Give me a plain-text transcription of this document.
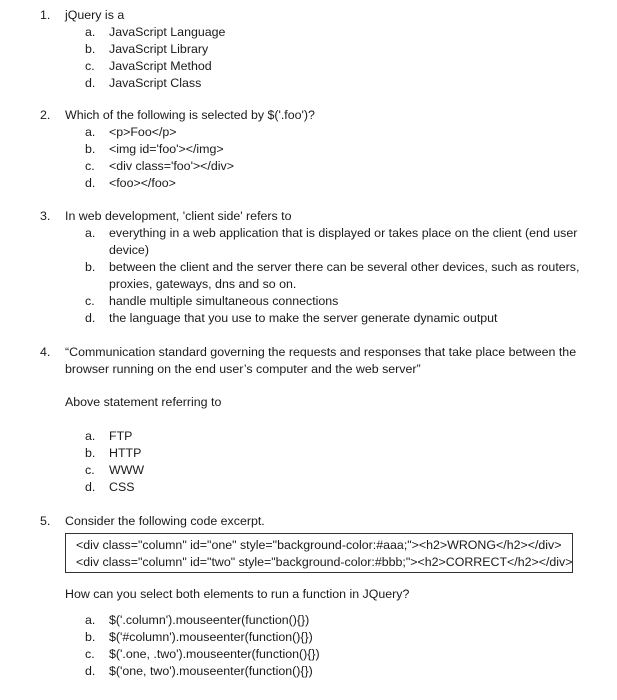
1. jQuery is a
a.	JavaScript Language
b.	JavaScript Library
c.	JavaScript Method
d.	JavaScript Class
2. Which of the following is selected by $('.foo')?
a.	<p>Foo</p>
b.	<img id='foo'></img>
c.	<div class='foo'></div>
d.	<foo></foo>
3. In web development, 'client side' refers to
a.	everything in a web application that is displayed or takes place on the client (end user device)
b.	between the client and the server there can be several other devices, such as routers, proxies, gateways, dns and so on.
c.	handle multiple simultaneous connections
d.	the language that you use to make the server generate dynamic output
4. “Communication standard governing the requests and responses that take place between the browser running on the end user’s computer and the web server”
Above statement referring to
a.	FTP
b.	HTTP
c.	WWW
d.	CSS
5. Consider the following code excerpt.
<div class="column" id="one" style="background-color:#aaa;"><h2>WRONG</h2></div>
<div class="column" id="two" style="background-color:#bbb;"><h2>CORRECT</h2></div>
How can you select both elements to run a function in JQuery?
a.	$('.column').mouseenter(function(){})
b.	$('#column').mouseenter(function(){})
c.	$('.one, .two').mouseenter(function(){})
d.	$('one, two').mouseenter(function(){})
